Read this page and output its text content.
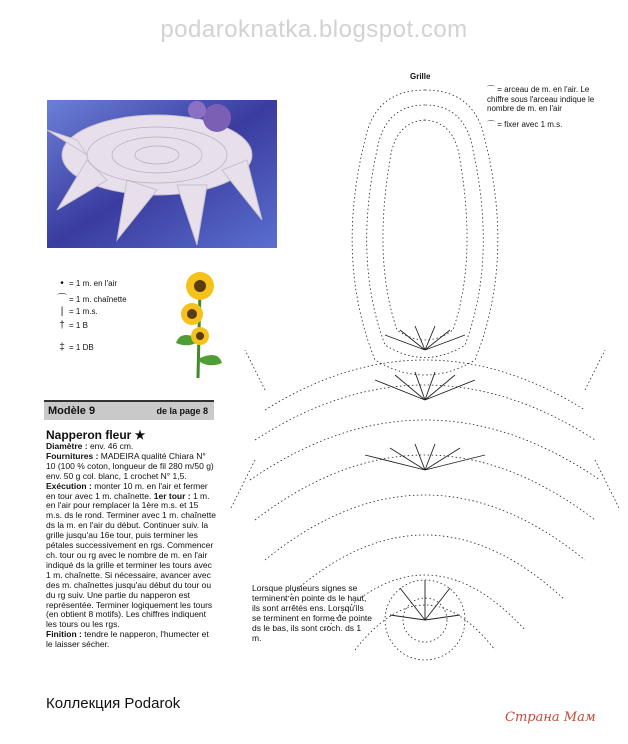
podaroknatka.blogspot.com
• = 1 m. en l'air
⌒ = 1 m. chaînette
| = 1 m.s.
† = 1 B
‡ = 1 DB
Modèle 9	de la page 8
Napperon fleur ★

Diamètre : env. 46 cm.

Fournitures : MADEIRA qualité Chiara N° 10 (100 % coton, longueur de fil 280 m/50 g) env. 50 g col. blanc, 1 crochet N° 1,5.

Exécution : monter 10 m. en l'air et fermer en tour avec 1 m. chaînette. 1er tour : 1 m. en l'air pour remplacer la 1ère m.s. et 15 m.s. ds le rond. Terminer avec 1 m. chaînette ds la m. en l'air du début. Continuer suiv. la grille jusqu'au 16e tour, puis terminer les pétales successivement en rgs. Commencer ch. tour ou rg avec le nombre de m. en l'air indiqué ds la grille et terminer les tours avec 1 m. chaînette. Si nécessaire, avancer avec des m. chaînettes jusqu'au début du tour ou du rg suiv. Une partie du napperon est représentée. Terminer logiquement les tours (en obtient 8 motifs). Les chiffres indiquent les tours ou les rgs.

Finition : tendre le napperon, l'humecter et le laisser sécher.

Grille

⌒ = arceau de m. en l'air. Le chiffre sous l'arceau indique le nombre de m. en l'air

⌒ = fixer avec 1 m.s.

Lorsque plusieurs signes se terminent en pointe ds le haut, ils sont arrêtés ens. Lorsqu'ils se terminent en forme de pointe ds le bas, ils sont croch. ds 1 m.
Коллекция Podarok
Страна Мам
